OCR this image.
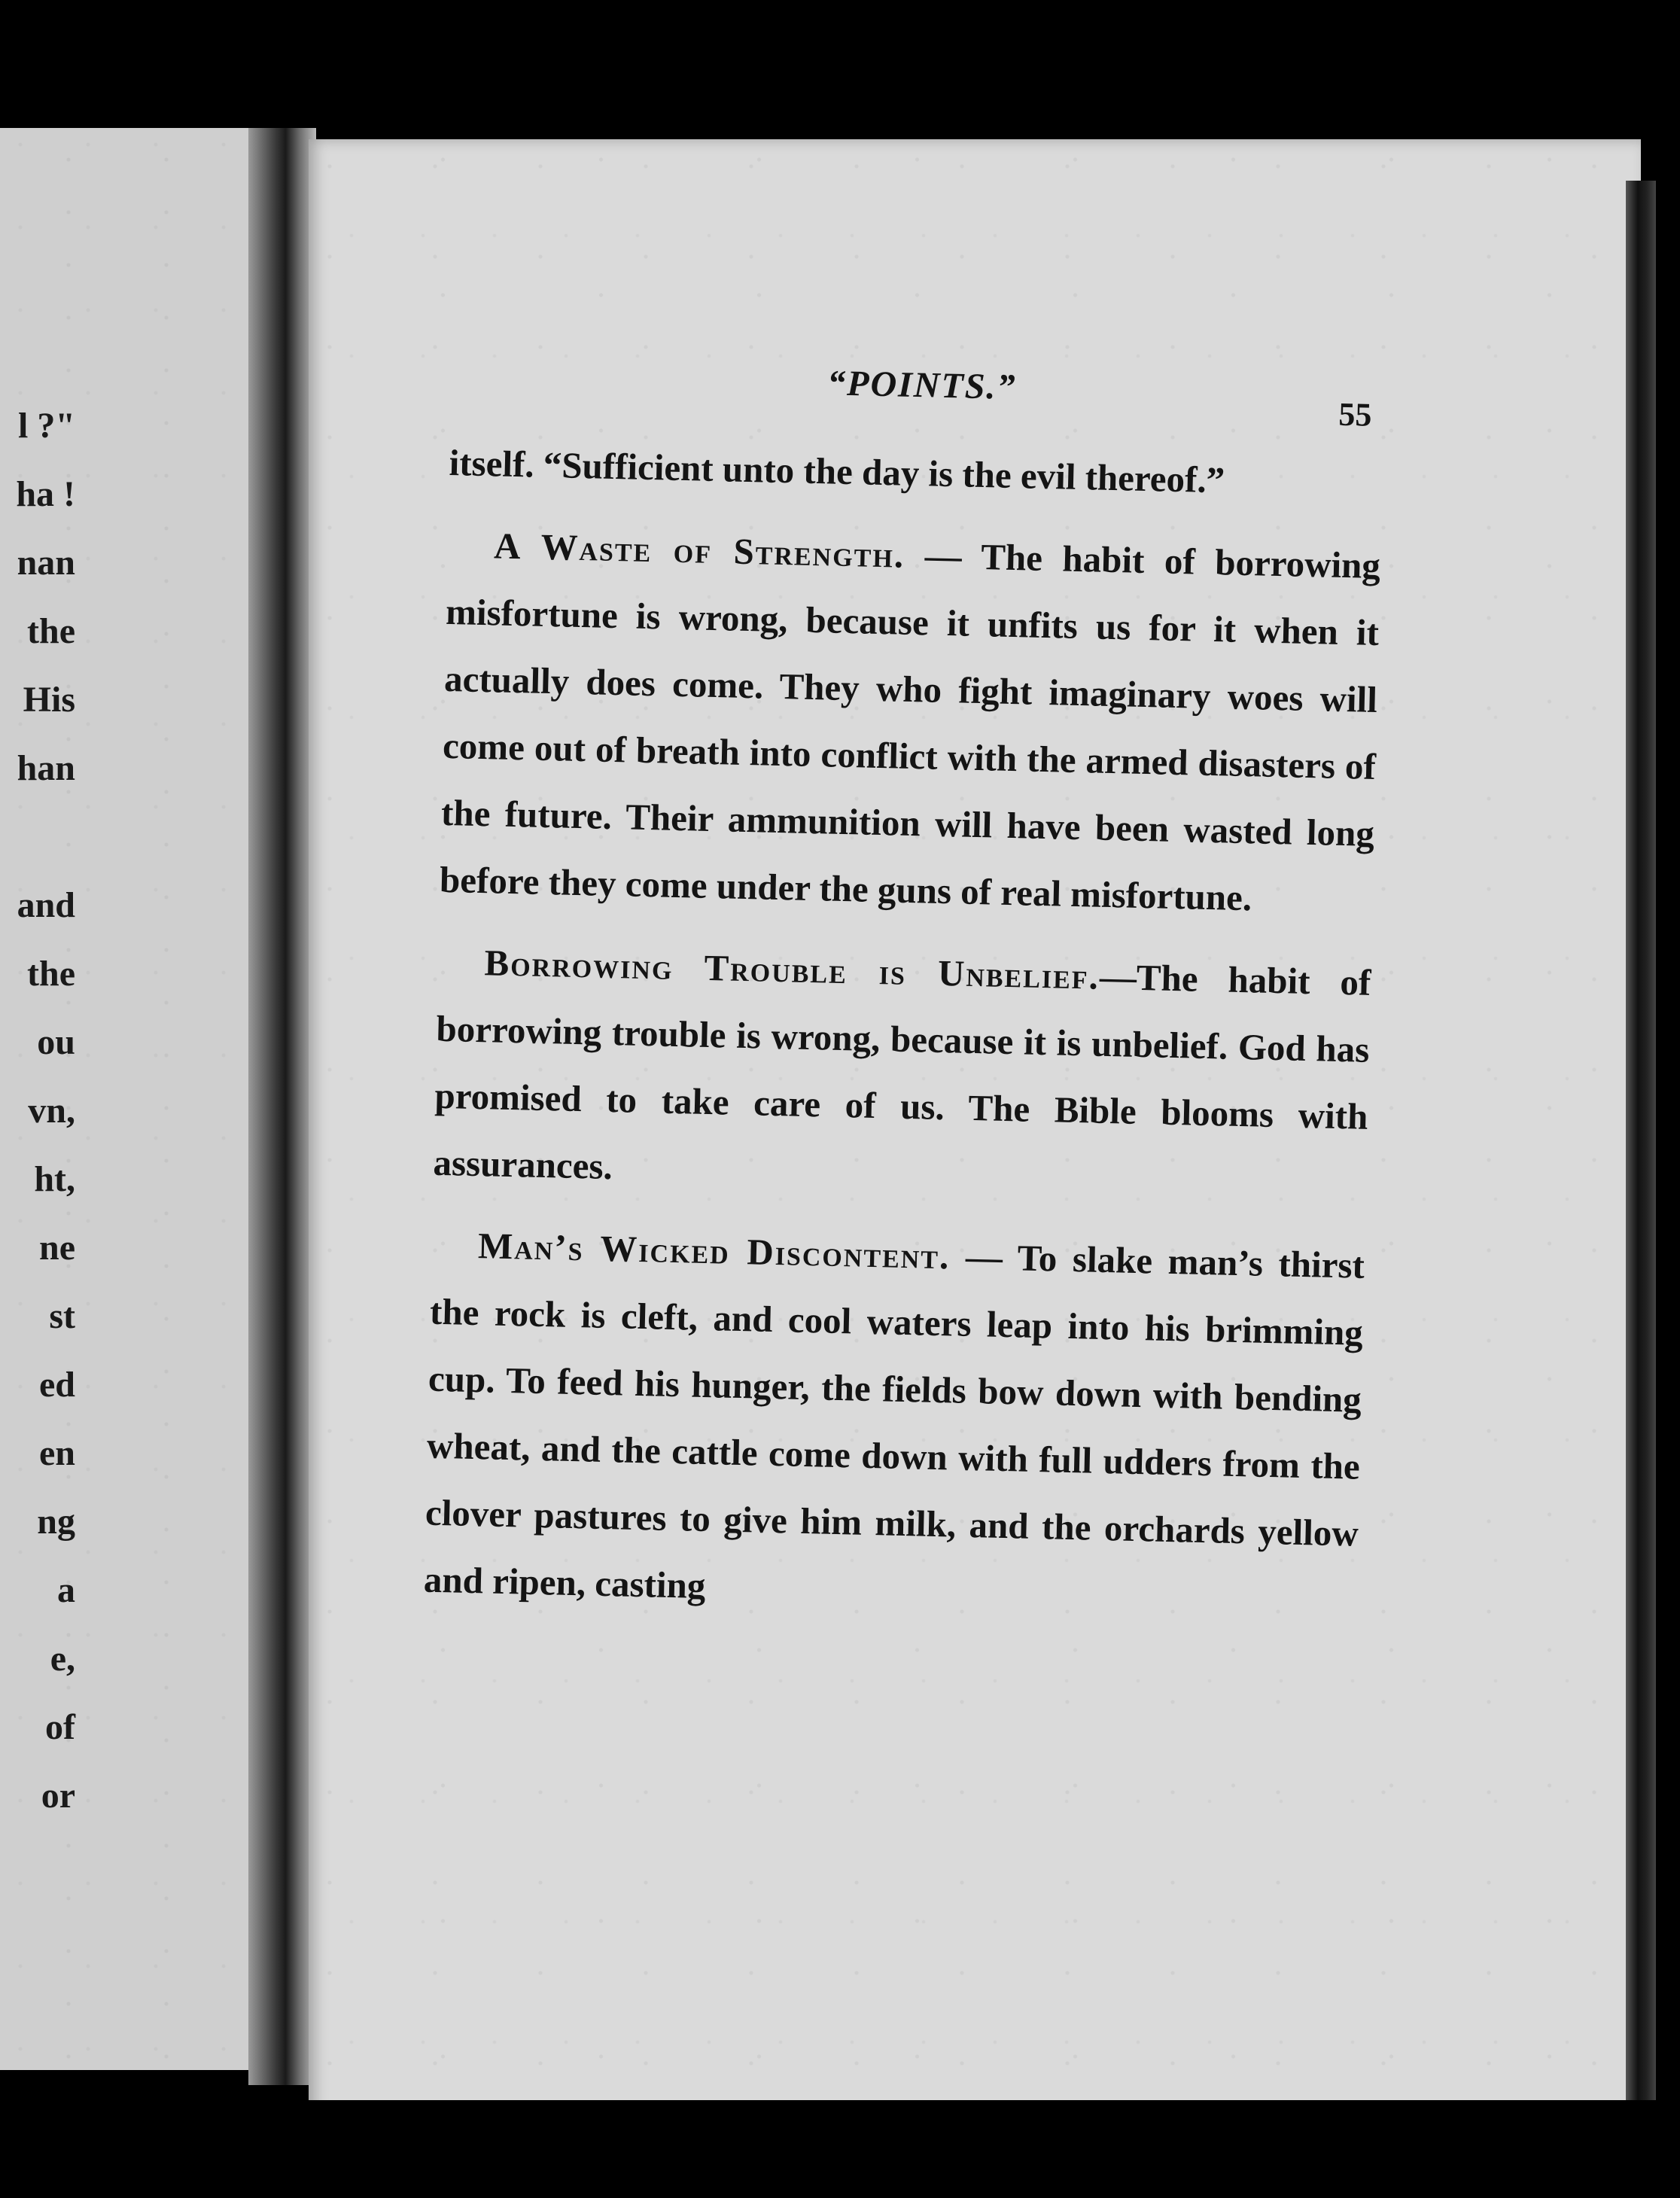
l ?"
ha !
nan
the
His
han
and
the
ou
vn,
ht,
ne
st
ed
en
ng
a
e,
of
or
“POINTS.”
55

itself. “Sufficient unto the day is the evil thereof.”

A Waste of Strength. — The habit of borrowing misfortune is wrong, because it unfits us for it when it actually does come. They who fight imaginary woes will come out of breath into conflict with the armed disasters of the future. Their ammunition will have been wasted long before they come under the guns of real misfortune.

Borrowing Trouble is Unbelief.—The habit of borrowing trouble is wrong, because it is unbelief. God has promised to take care of us. The Bible blooms with assurances.

Man’s Wicked Discontent. — To slake man’s thirst the rock is cleft, and cool waters leap into his brimming cup. To feed his hunger, the fields bow down with bending wheat, and the cattle come down with full udders from the clover pastures to give him milk, and the orchards yellow and ripen, casting
